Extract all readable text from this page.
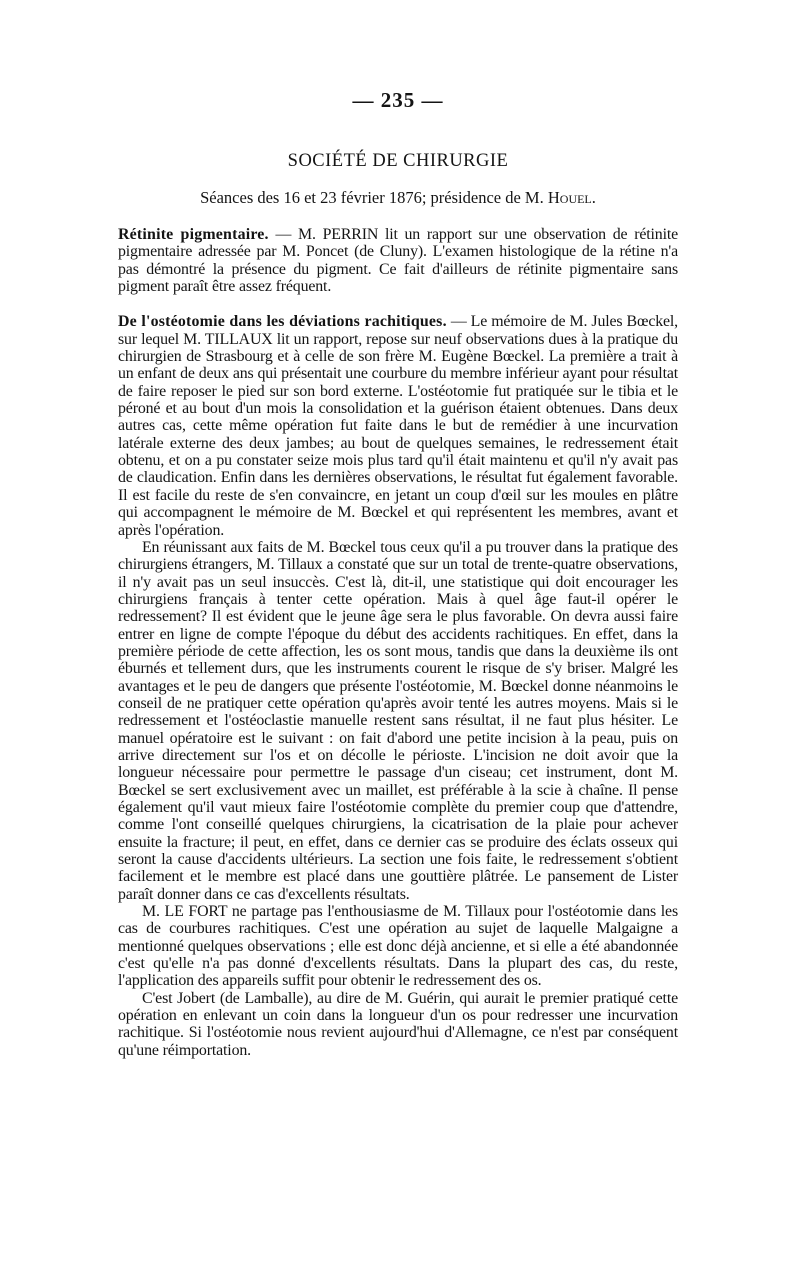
— 235 —
SOCIÉTÉ DE CHIRURGIE
Séances des 16 et 23 février 1876; présidence de M. Houel.

Rétinite pigmentaire. — M. PERRIN lit un rapport sur une observation de rétinite pigmentaire adressée par M. Poncet (de Cluny). L'examen histologique de la rétine n'a pas démontré la présence du pigment. Ce fait d'ailleurs de rétinite pigmentaire sans pigment paraît être assez fréquent.

De l'ostéotomie dans les déviations rachitiques. — Le mémoire de M. Jules Bœckel, sur lequel M. TILLAUX lit un rapport, repose sur neuf observations dues à la pratique du chirurgien de Strasbourg et à celle de son frère M. Eugène Bœckel. La première a trait à un enfant de deux ans qui présentait une courbure du membre inférieur ayant pour résultat de faire reposer le pied sur son bord externe. L'ostéotomie fut pratiquée sur le tibia et le péroné et au bout d'un mois la consolidation et la guérison étaient obtenues. Dans deux autres cas, cette même opération fut faite dans le but de remédier à une incurvation latérale externe des deux jambes; au bout de quelques semaines, le redressement était obtenu, et on a pu constater seize mois plus tard qu'il était maintenu et qu'il n'y avait pas de claudication. Enfin dans les dernières observations, le résultat fut également favorable. Il est facile du reste de s'en convaincre, en jetant un coup d'œil sur les moules en plâtre qui accompagnent le mémoire de M. Bœckel et qui représentent les membres, avant et après l'opération.

En réunissant aux faits de M. Bœckel tous ceux qu'il a pu trouver dans la pratique des chirurgiens étrangers, M. Tillaux a constaté que sur un total de trente-quatre observations, il n'y avait pas un seul insuccès. C'est là, dit-il, une statistique qui doit encourager les chirurgiens français à tenter cette opération. Mais à quel âge faut-il opérer le redressement? Il est évident que le jeune âge sera le plus favorable. On devra aussi faire entrer en ligne de compte l'époque du début des accidents rachitiques. En effet, dans la première période de cette affection, les os sont mous, tandis que dans la deuxième ils ont éburnés et tellement durs, que les instruments courent le risque de s'y briser. Malgré les avantages et le peu de dangers que présente l'ostéotomie, M. Bœckel donne néanmoins le conseil de ne pratiquer cette opération qu'après avoir tenté les autres moyens. Mais si le redressement et l'ostéoclastie manuelle restent sans résultat, il ne faut plus hésiter. Le manuel opératoire est le suivant : on fait d'abord une petite incision à la peau, puis on arrive directement sur l'os et on décolle le périoste. L'incision ne doit avoir que la longueur nécessaire pour permettre le passage d'un ciseau; cet instrument, dont M. Bœckel se sert exclusivement avec un maillet, est préférable à la scie à chaîne. Il pense également qu'il vaut mieux faire l'ostéotomie complète du premier coup que d'attendre, comme l'ont conseillé quelques chirurgiens, la cicatrisation de la plaie pour achever ensuite la fracture; il peut, en effet, dans ce dernier cas se produire des éclats osseux qui seront la cause d'accidents ultérieurs. La section une fois faite, le redressement s'obtient facilement et le membre est placé dans une gouttière plâtrée. Le pansement de Lister paraît donner dans ce cas d'excellents résultats.

M. LE FORT ne partage pas l'enthousiasme de M. Tillaux pour l'ostéotomie dans les cas de courbures rachitiques. C'est une opération au sujet de laquelle Malgaigne a mentionné quelques observations ; elle est donc déjà ancienne, et si elle a été abandonnée c'est qu'elle n'a pas donné d'excellents résultats. Dans la plupart des cas, du reste, l'application des appareils suffit pour obtenir le redressement des os.

C'est Jobert (de Lamballe), au dire de M. Guérin, qui aurait le premier pratiqué cette opération en enlevant un coin dans la longueur d'un os pour redresser une incurvation rachitique. Si l'ostéotomie nous revient aujourd'hui d'Allemagne, ce n'est par conséquent qu'une réimportation.
